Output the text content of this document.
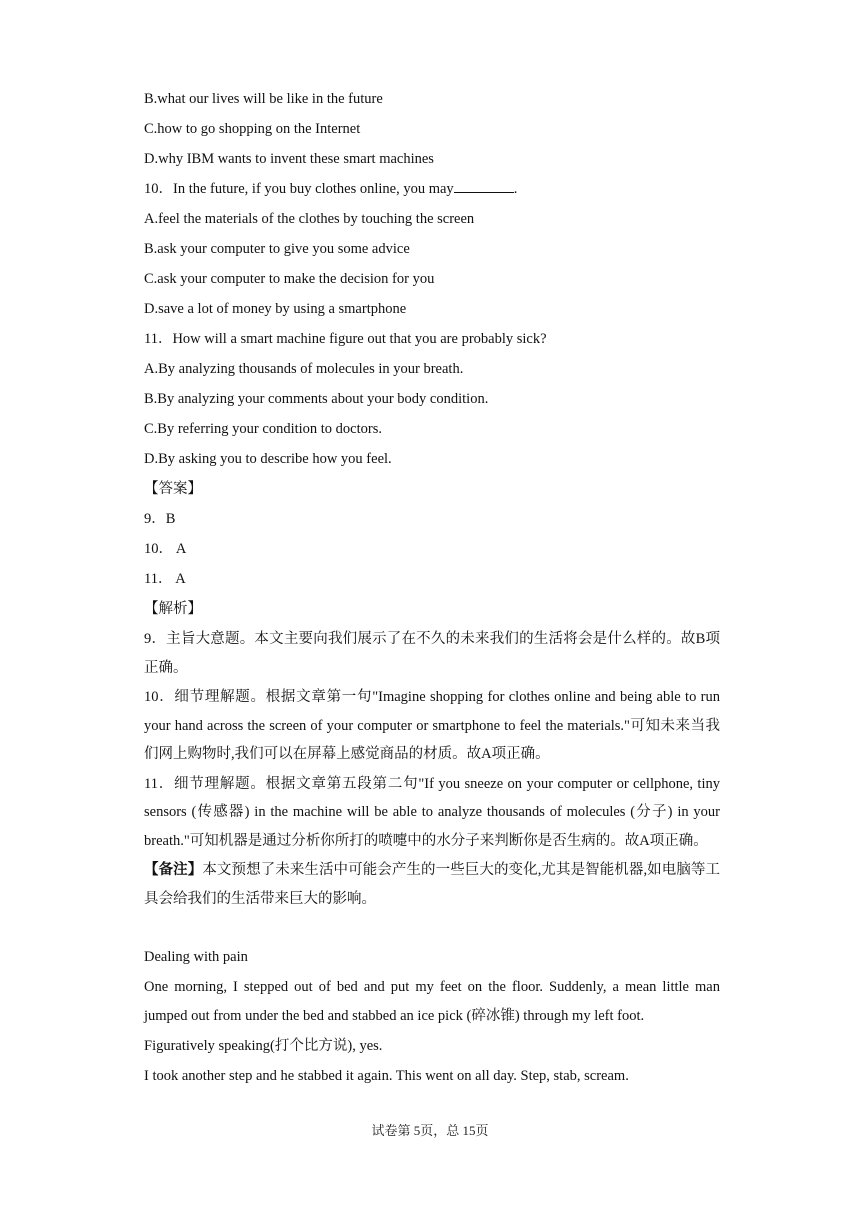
B.what our lives will be like in the future
C.how to go shopping on the Internet
D.why IBM wants to invent these smart machines
10．In the future, if you buy clothes online, you may	.
A.feel the materials of the clothes by touching the screen
B.ask your computer to give you some advice
C.ask your computer to make the decision for you
D.save a lot of money by using a smartphone
11．How will a smart machine figure out that you are probably sick?
A.By analyzing thousands of molecules in your breath.
B.By analyzing your comments about your body condition.
C.By referring your condition to doctors.
D.By asking you to describe how you feel.
【答案】
9．B
10． A
11． A
【解析】
9．主旨大意题。本文主要向我们展示了在不久的未来我们的生活将会是什么样的。故B项正确。
10．细节理解题。根据文章第一句"Imagine shopping for clothes online and being able to run your hand across the screen of your computer or smartphone to feel the materials."可知未来当我们网上购物时,我们可以在屏幕上感觉商品的材质。故A项正确。
11．细节理解题。根据文章第五段第二句"If you sneeze on your computer or cellphone, tiny sensors (传感器) in the machine will be able to analyze thousands of molecules (分子) in your breath."可知机器是通过分析你所打的喷嚏中的水分子来判断你是否生病的。故A项正确。
【备注】本文预想了未来生活中可能会产生的一些巨大的变化,尤其是智能机器,如电脑等工具会给我们的生活带来巨大的影响。
Dealing with pain
One morning, I stepped out of bed and put my feet on the floor. Suddenly, a mean little man jumped out from under the bed and stabbed an ice pick (碎冰锥) through my left foot.
Figuratively speaking(打个比方说), yes.
I took another step and he stabbed it again. This went on all day. Step, stab, scream.
试卷第 5页，总 15页
